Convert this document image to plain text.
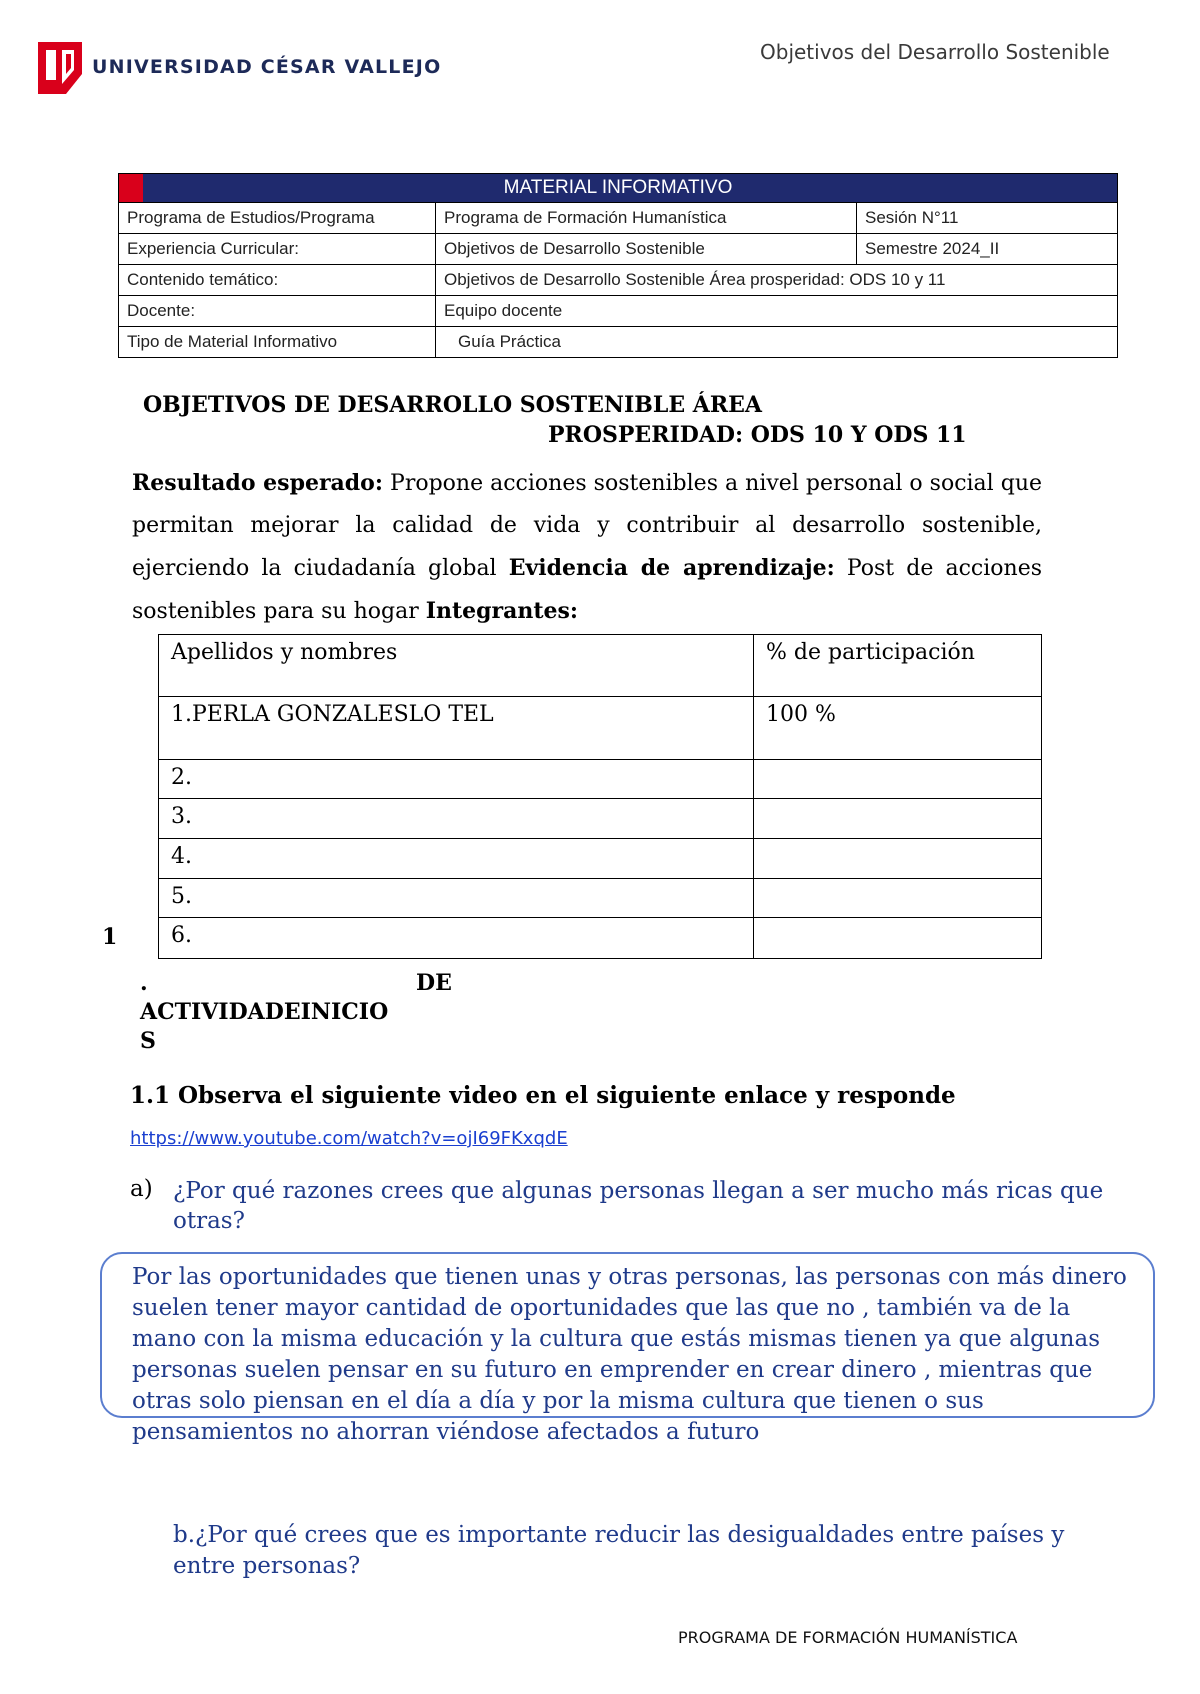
UNIVERSIDAD CÉSAR VALLEJO
Objetivos del Desarrollo Sostenible
MATERIAL INFORMATIVO		
Programa de Estudios/Programa	Programa de Formación Humanística	Sesión N°11
Experiencia Curricular:	Objetivos de Desarrollo Sostenible	Semestre 2024_II
Contenido temático:	Objetivos de Desarrollo Sostenible Área prosperidad: ODS 10 y 11	
Docente:	Equipo docente	
Tipo de Material Informativo	Guía Práctica	
OBJETIVOS DE DESARROLLO SOSTENIBLE ÁREA
PROSPERIDAD: ODS 10 Y ODS 11
Resultado esperado: Propone acciones sostenibles a nivel personal o social que permitan mejorar la calidad de vida y contribuir al desarrollo sostenible, ejerciendo la ciudadanía global Evidencia de aprendizaje: Post de acciones sostenibles para su hogar Integrantes:
Apellidos y nombres	% de participación
1.PERLA GONZALESLO TEL	100 %
2.	
3.	
4.	
5.	
6.	
1
.	DE
ACTIVIDADEINICIO
S
1.1 Observa el siguiente video en el siguiente enlace y responde
https://www.youtube.com/watch?v=ojI69FKxqdE
a) ¿Por qué razones crees que algunas personas llegan a ser mucho más ricas que otras?
Por las oportunidades que tienen unas y otras personas, las personas con más dinero suelen tener mayor cantidad de oportunidades que las que no , también va de la mano con la misma educación y la cultura que estás mismas tienen ya que algunas personas suelen pensar en su futuro en emprender en crear dinero , mientras que otras solo piensan en el día a día y por la misma cultura que tienen o sus pensamientos no ahorran viéndose afectados a futuro
b.¿Por qué crees que es importante reducir las desigualdades entre países y entre personas?
PROGRAMA DE FORMACIÓN HUMANÍSTICA
